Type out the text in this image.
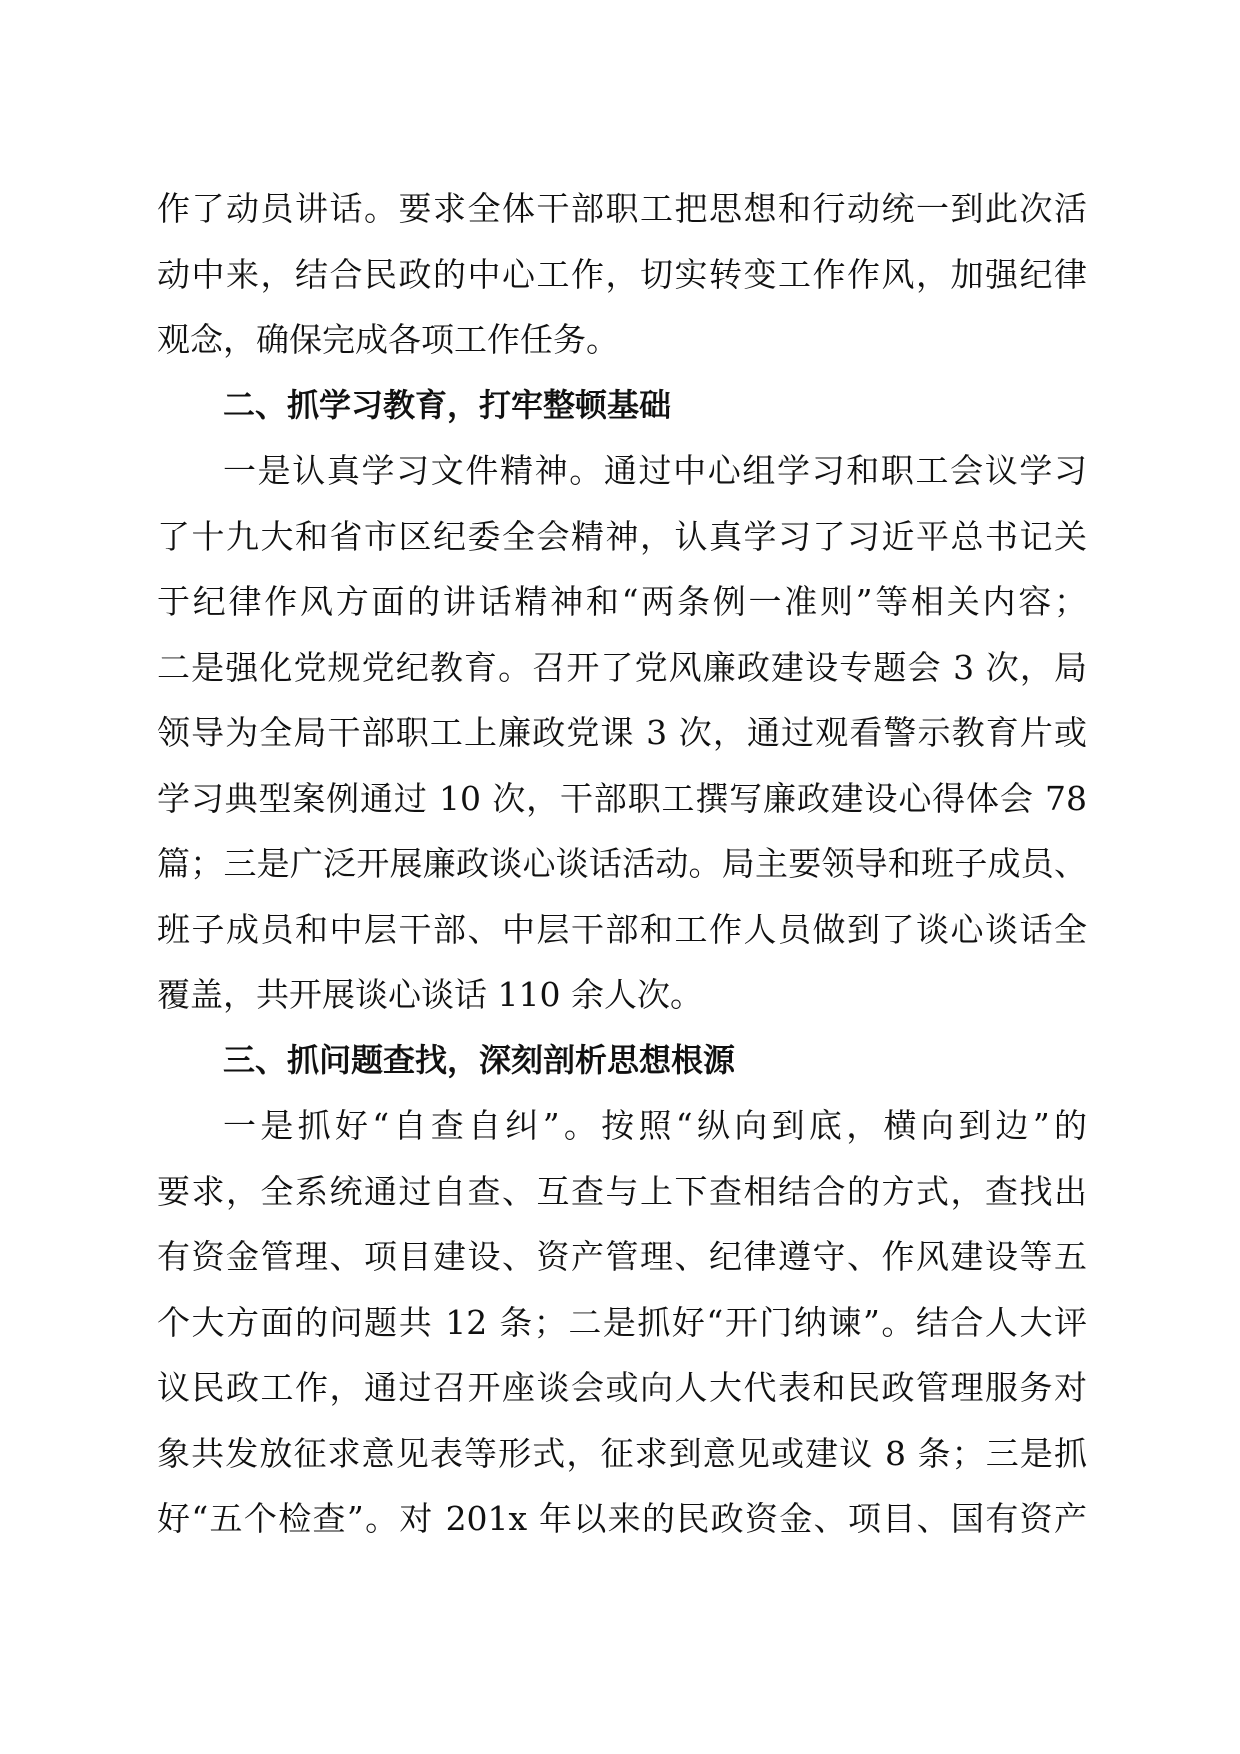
作了动员讲话。要求全体干部职工把思想和行动统一到此次活
动中来，结合民政的中心工作，切实转变工作作风，加强纪律
观念，确保完成各项工作任务。
二、抓学习教育，打牢整顿基础
一是认真学习文件精神。通过中心组学习和职工会议学习
了十九大和省市区纪委全会精神，认真学习了习近平总书记关
于纪律作风方面的讲话精神和“两条例一准则”等相关内容；
二是强化党规党纪教育。召开了党风廉政建设专题会 3 次，局
领导为全局干部职工上廉政党课 3 次，通过观看警示教育片或
学习典型案例通过 10 次，干部职工撰写廉政建设心得体会 78
篇；三是广泛开展廉政谈心谈话活动。局主要领导和班子成员、
班子成员和中层干部、中层干部和工作人员做到了谈心谈话全
覆盖，共开展谈心谈话 110 余人次。
三、抓问题查找，深刻剖析思想根源
一是抓好“自查自纠”。按照“纵向到底，横向到边”的
要求，全系统通过自查、互查与上下查相结合的方式，查找出
有资金管理、项目建设、资产管理、纪律遵守、作风建设等五
个大方面的问题共 12 条；二是抓好“开门纳谏”。结合人大评
议民政工作，通过召开座谈会或向人大代表和民政管理服务对
象共发放征求意见表等形式，征求到意见或建议 8 条；三是抓
好“五个检查”。对 201x 年以来的民政资金、项目、国有资产
